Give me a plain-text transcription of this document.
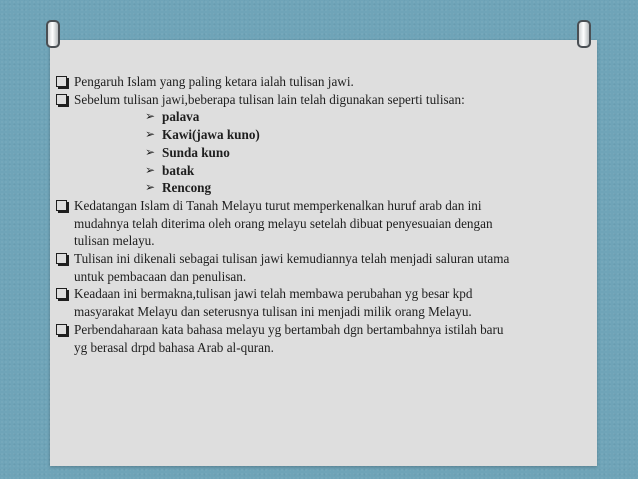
Pengaruh Islam yang paling ketara ialah tulisan jawi.
Sebelum tulisan jawi,beberapa tulisan lain telah digunakan seperti tulisan:
➢ palava
➢ Kawi(jawa kuno)
➢ Sunda kuno
➢ batak
➢ Rencong
Kedatangan Islam di Tanah Melayu turut memperkenalkan huruf arab dan ini
mudahnya telah diterima oleh orang melayu setelah dibuat penyesuaian dengan
tulisan melayu.
Tulisan ini dikenali sebagai tulisan jawi kemudiannya telah menjadi saluran utama
untuk pembacaan dan penulisan.
Keadaan ini bermakna,tulisan jawi telah membawa perubahan yg besar kpd
masyarakat Melayu dan seterusnya tulisan ini menjadi milik orang Melayu.
Perbendaharaan kata bahasa melayu yg bertambah dgn bertambahnya istilah baru
yg berasal drpd bahasa Arab al-quran.
